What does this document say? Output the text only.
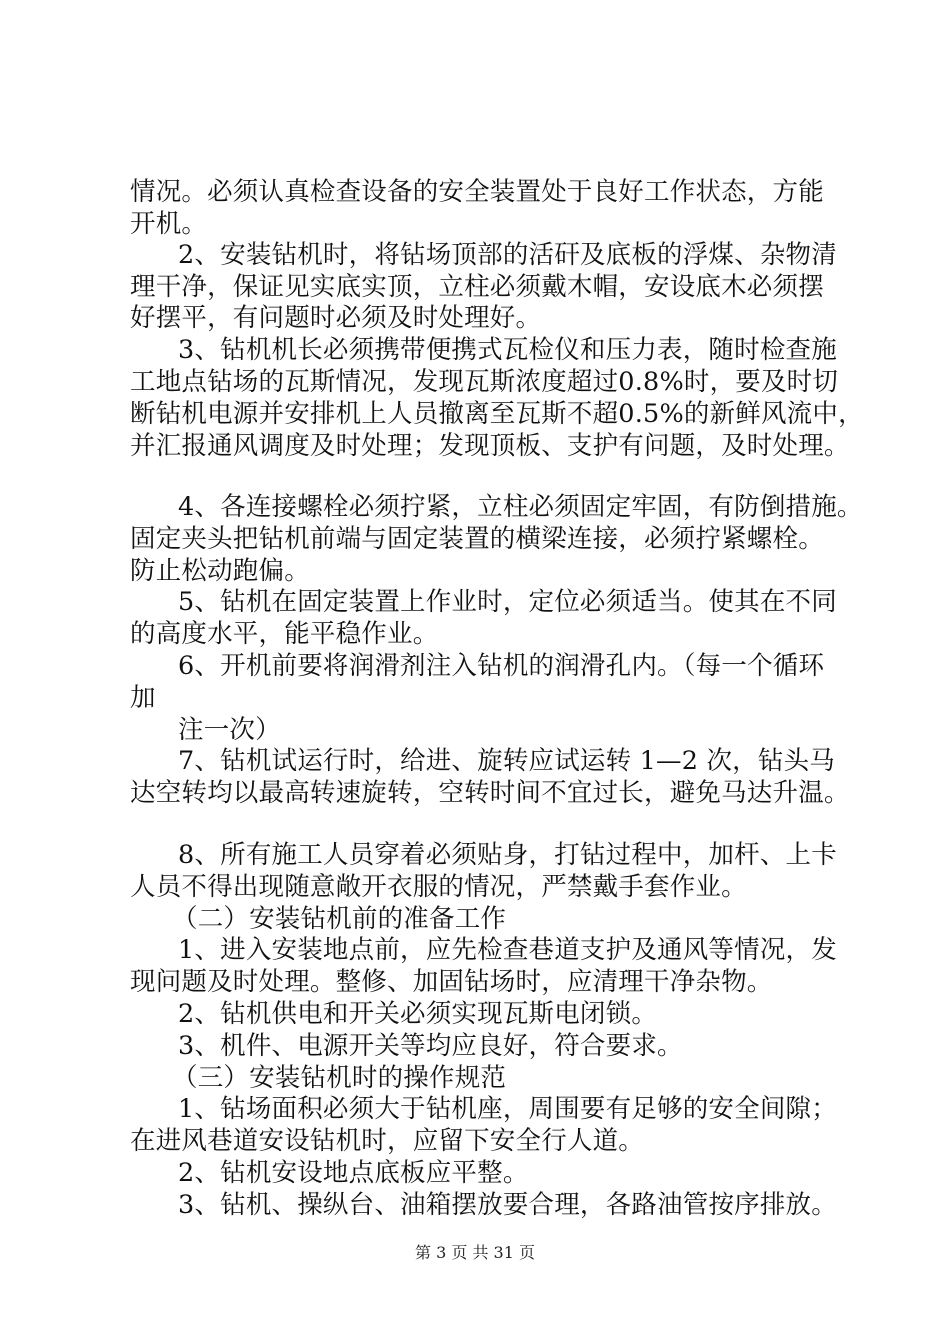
情况。必须认真检查设备的安全装置处于良好工作状态，方能
开机。
2、安装钻机时，将钻场顶部的活矸及底板的浮煤、杂物清
理干净，保证见实底实顶，立柱必须戴木帽，安设底木必须摆
好摆平，有问题时必须及时处理好。
3、钻机机长必须携带便携式瓦检仪和压力表，随时检查施
工地点钻场的瓦斯情况，发现瓦斯浓度超过0.8%时，要及时切
断钻机电源并安排机上人员撤离至瓦斯不超0.5%的新鲜风流中，
并汇报通风调度及时处理；发现顶板、支护有问题，及时处理。
4、各连接螺栓必须拧紧，立柱必须固定牢固，有防倒措施。
固定夹头把钻机前端与固定装置的横梁连接，必须拧紧螺栓。
防止松动跑偏。
5、钻机在固定装置上作业时，定位必须适当。使其在不同
的高度水平，能平稳作业。
6、开机前要将润滑剂注入钻机的润滑孔内。（每一个循环
加
注一次）
7、钻机试运行时，给进、旋转应试运转 1—2 次，钻头马
达空转均以最高转速旋转，空转时间不宜过长，避免马达升温。
8、所有施工人员穿着必须贴身，打钻过程中，加杆、上卡
人员不得出现随意敞开衣服的情况，严禁戴手套作业。
（二）安装钻机前的准备工作
1、进入安装地点前，应先检查巷道支护及通风等情况，发
现问题及时处理。整修、加固钻场时，应清理干净杂物。
2、钻机供电和开关必须实现瓦斯电闭锁。
3、机件、电源开关等均应良好，符合要求。
（三）安装钻机时的操作规范
1、钻场面积必须大于钻机座，周围要有足够的安全间隙；
在进风巷道安设钻机时，应留下安全行人道。
2、钻机安设地点底板应平整。
3、钻机、操纵台、油箱摆放要合理，各路油管按序排放。
第 3 页 共 31 页
